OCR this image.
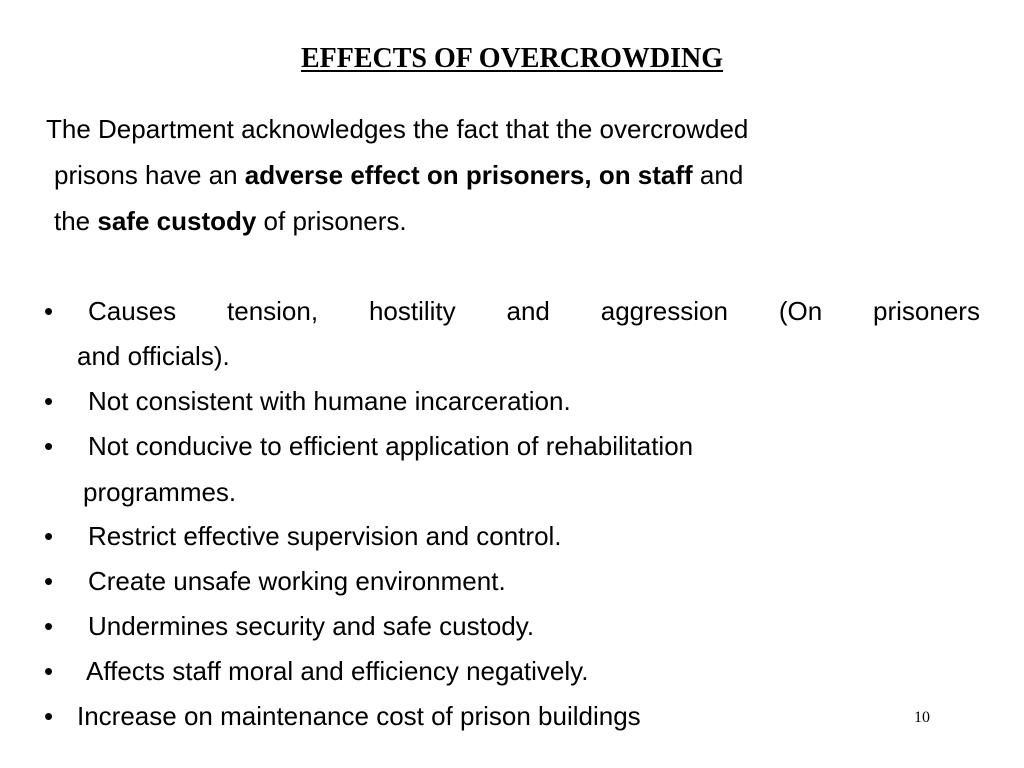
EFFECTS OF OVERCROWDING
The Department acknowledges the fact that the overcrowded
prisons have an adverse effect on prisoners, on staff and
the safe custody of prisoners.
• Causes tension, hostility and aggression (On prisoners
and officials).
• Not consistent with humane incarceration.
• Not conducive to efficient application of rehabilitation
programmes.
• Restrict effective supervision and control.
• Create unsafe working environment.
• Undermines security and safe custody.
• Affects staff moral and efficiency negatively.
• Increase on maintenance cost of prison buildings	10
